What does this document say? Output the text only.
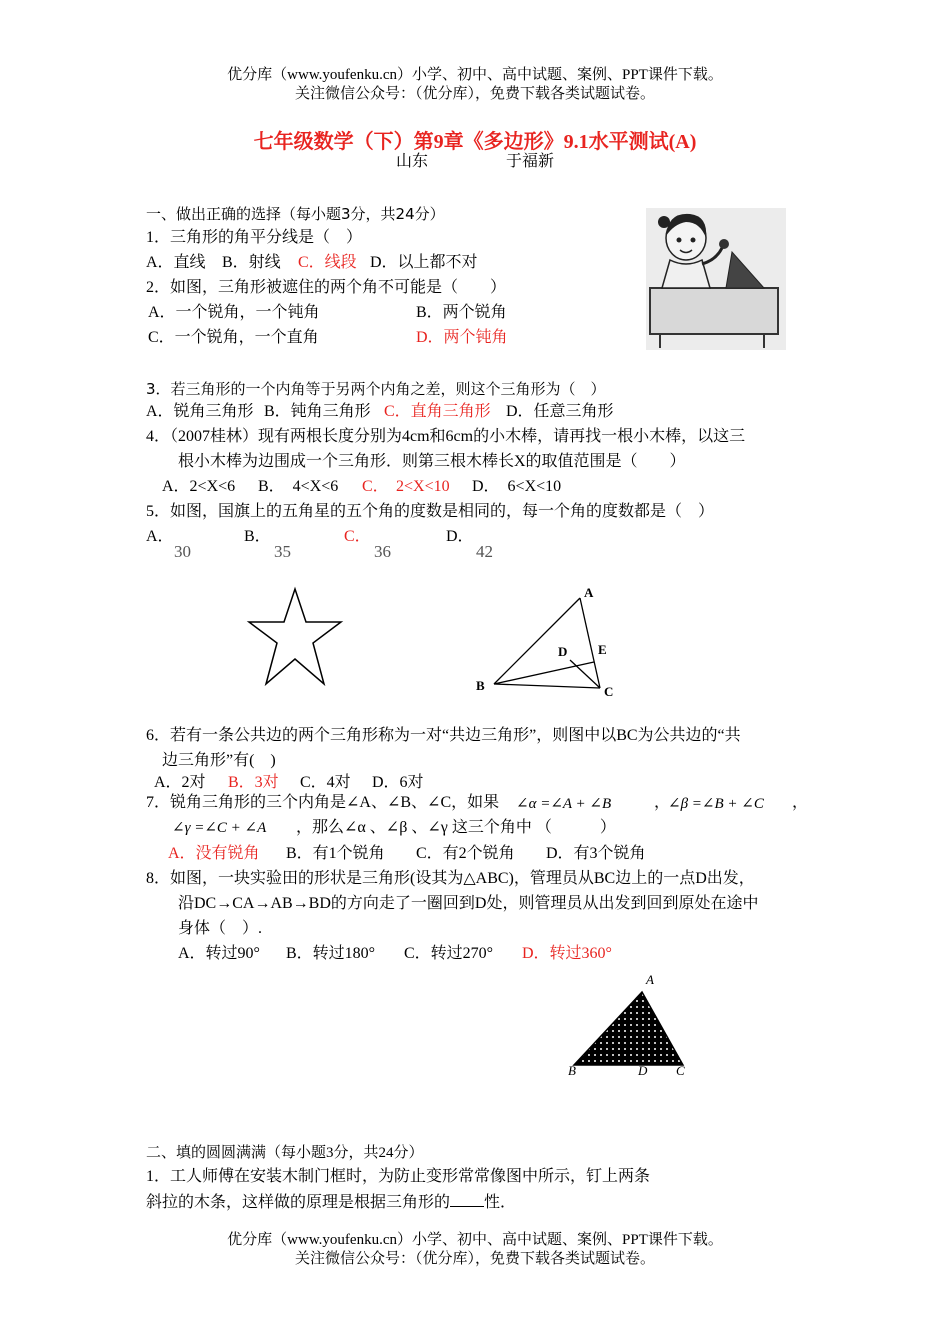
优分库（www.youfenku.cn）小学、初中、高中试题、案例、PPT课件下载。
关注微信公众号：（优分库），免费下载各类试题试卷。
七年级数学（下）第9章《多边形》9.1水平测试(A)
山东	于福新
一、做出正确的选择（每小题3分，共24分）
1．三角形的角平分线是（　）
A．直线 B．射线 C．线段 D．以上都不对
2．如图，三角形被遮住的两个角不可能是（　　）
A．一个锐角，一个钝角	B．两个锐角
C．一个锐角，一个直角	D．两个钝角
3．若三角形的一个内角等于另两个内角之差，则这个三角形为（　）
A．锐角三角形 B．钝角三角形 C．直角三角形 D．任意三角形
4．（2007桂林）现有两根长度分别为4cm和6cm的小木棒，请再找一根小木棒，以这三
根小木棒为边围成一个三角形．则第三根木棒长X的取值范围是（　　）
A．2<X<6 B．　4<X<6 C． 2<X<10 D．　6<X<10
5．如图，国旗上的五角星的五个角的度数是相同的，每一个角的度数都是（　）
A．	B．	C．	D．
30	35	36	42
A
B	C
D E
6．若有一条公共边的两个三角形称为一对“共边三角形”，则图中以BC为公共边的“共
边三角形”有(　)
A．2对 B．3对 C．4对 D．6对
7．锐角三角形的三个内角是∠A、∠B、∠C，如果 ∠α =∠A + ∠B	，
∠β =∠B + ∠C ，
∠γ =∠C + ∠A ，那么∠α 、∠β 、∠γ 这三个角中 （　　　）
A．没有锐角 B．有1个锐角 C．有2个锐角 D．有3个锐角
8．如图，一块实验田的形状是三角形(设其为△ABC)，管理员从BC边上的一点D出发，
沿DC→CA→AB→BD的方向走了一圈回到D处，则管理员从出发到回到原处在途中
身体（　）.
A．转过90° B．转过180° C．转过270° D．转过360°
A
B	D C
二、填的圆圆满满（每小题3分，共24分）
1．工人师傅在安装木制门框时，为防止变形常常像图中所示，钉上两条
斜拉的木条，这样做的原理是根据三角形的 性．
优分库（www.youfenku.cn）小学、初中、高中试题、案例、PPT课件下载。
关注微信公众号：（优分库），免费下载各类试题试卷。
